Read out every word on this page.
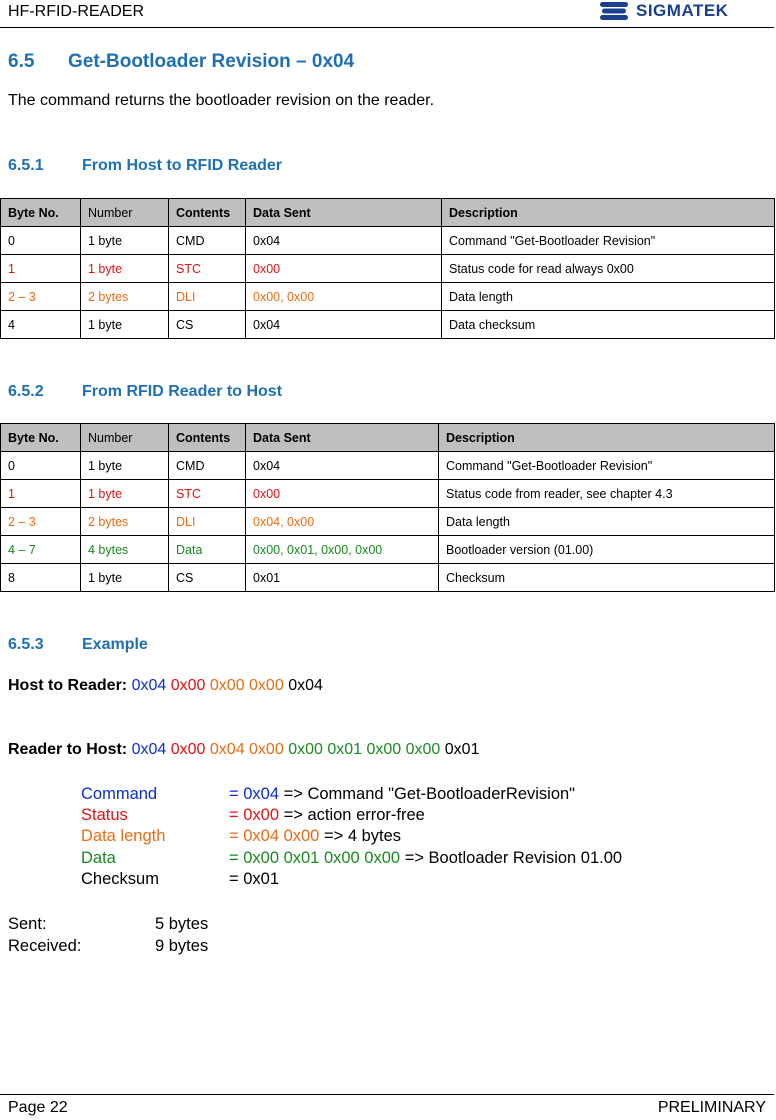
HF-RFID-READER	SIGMATEK
6.5 Get-Bootloader Revision – 0x04
The command returns the bootloader revision on the reader.
6.5.1 From Host to RFID Reader
Byte No.	Number	Contents	Data Sent	Description
0	1 byte	CMD	0x04	Command "Get-Bootloader Revision"
1	1 byte	STC	0x00	Status code for read always 0x00
2 – 3	2 bytes	DLI	0x00, 0x00	Data length
4	1 byte	CS	0x04	Data checksum
6.5.2 From RFID Reader to Host
Byte No.	Number	Contents	Data Sent	Description
0	1 byte	CMD	0x04	Command "Get-Bootloader Revision"
1	1 byte	STC	0x00	Status code from reader, see chapter 4.3
2 – 3	2 bytes	DLI	0x04, 0x00	Data length
4 – 7	4 bytes	Data	0x00, 0x01, 0x00, 0x00	Bootloader version (01.00)
8	1 byte	CS	0x01	Checksum
6.5.3 Example
Host to Reader: 0x04 0x00 0x00 0x00 0x04
Reader to Host: 0x04 0x00 0x04 0x00 0x00 0x01 0x00 0x00 0x01
Command	= 0x04
=> Command "Get-BootloaderRevision"
Status	= 0x00
=> action error-free
Data length	= 0x04 0x00
=> 4 bytes
Data	= 0x00 0x01 0x00 0x00
=> Bootloader Revision 01.00
Checksum	= 0x01
Sent:	5 bytes
Received:	9 bytes
Page 22	PRELIMINARY
